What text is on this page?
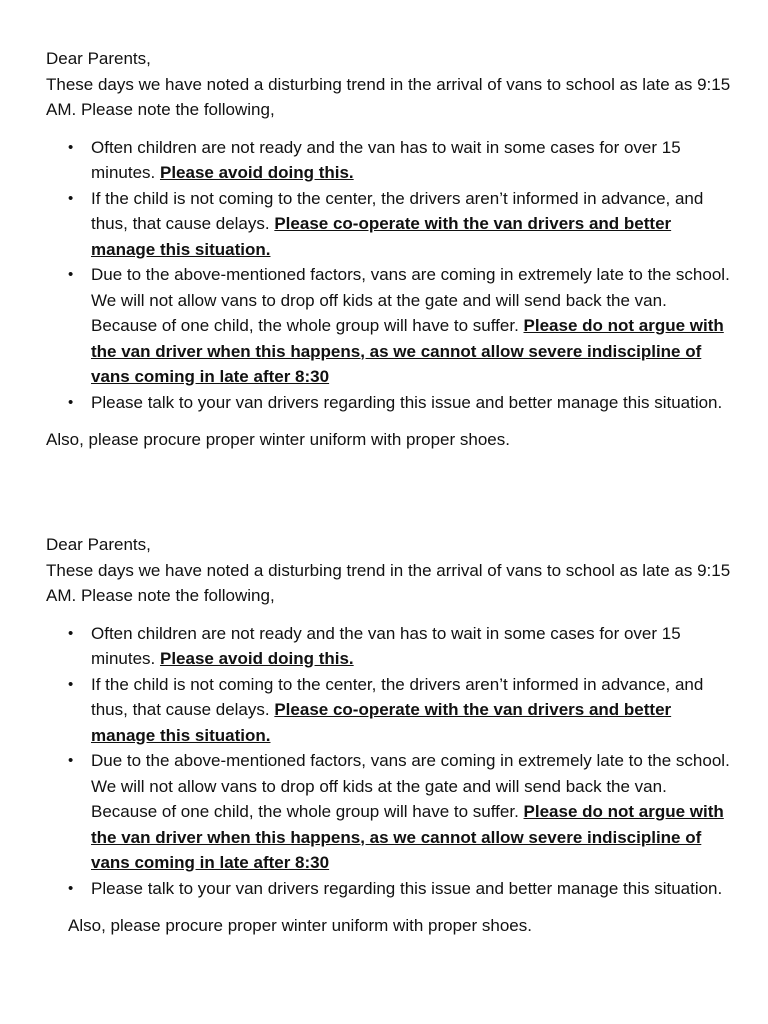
Dear Parents,

These days we have noted a disturbing trend in the arrival of vans to school as late as 9:15 AM. Please note the following,

• Often children are not ready and the van has to wait in some cases for over 15 minutes. Please avoid doing this.
• If the child is not coming to the center, the drivers aren’t informed in advance, and thus, that cause delays. Please co-operate with the van drivers and better manage this situation.
• Due to the above-mentioned factors, vans are coming in extremely late to the school. We will not allow vans to drop off kids at the gate and will send back the van. Because of one child, the whole group will have to suffer. Please do not argue with the van driver when this happens, as we cannot allow severe indiscipline of vans coming in late after 8:30
• Please talk to your van drivers regarding this issue and better manage this situation.

Also, please procure proper winter uniform with proper shoes.

Dear Parents,

These days we have noted a disturbing trend in the arrival of vans to school as late as 9:15 AM. Please note the following,

• Often children are not ready and the van has to wait in some cases for over 15 minutes. Please avoid doing this.
• If the child is not coming to the center, the drivers aren’t informed in advance, and thus, that cause delays. Please co-operate with the van drivers and better manage this situation.
• Due to the above-mentioned factors, vans are coming in extremely late to the school. We will not allow vans to drop off kids at the gate and will send back the van. Because of one child, the whole group will have to suffer. Please do not argue with the van driver when this happens, as we cannot allow severe indiscipline of vans coming in late after 8:30
• Please talk to your van drivers regarding this issue and better manage this situation.

Also, please procure proper winter uniform with proper shoes.
